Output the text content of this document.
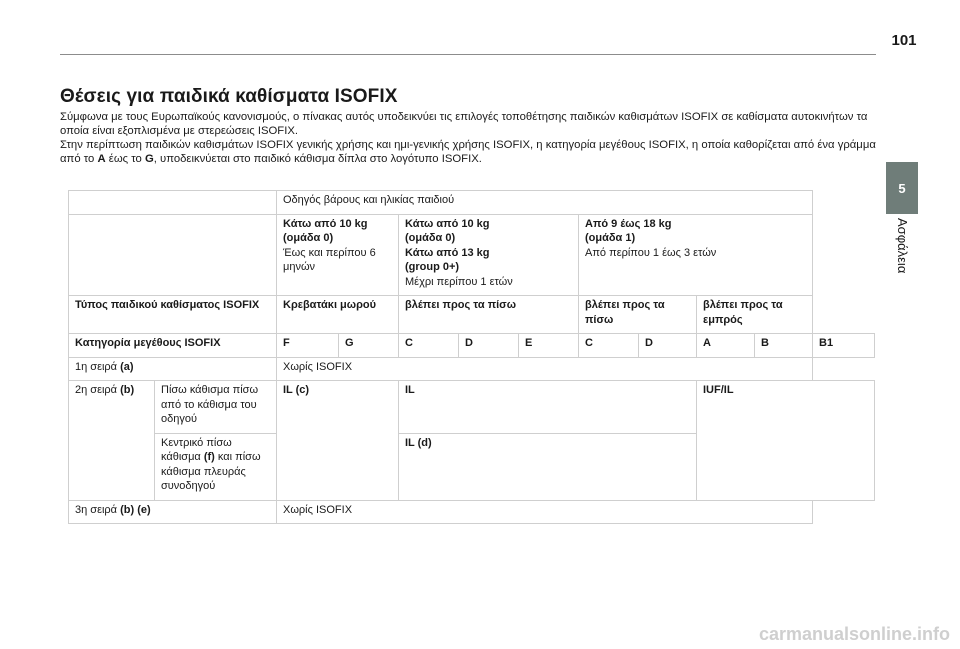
101
5
Ασφάλεια
Θέσεις για παιδικά καθίσματα ISOFIX

Σύμφωνα με τους Ευρωπαϊκούς κανονισμούς, ο πίνακας αυτός υποδεικνύει τις επιλογές τοποθέτησης παιδικών καθισμάτων ISOFIX σε καθίσματα αυτοκινήτων τα οποία είναι εξοπλισμένα με στερεώσεις ISOFIX.

Στην περίπτωση παιδικών καθισμάτων ISOFIX γενικής χρήσης και ημι-γενικής χρήσης ISOFIX, η κατηγορία μεγέθους ISOFIX, η οποία καθορίζεται από ένα γράμμα από το A έως το G, υποδεικνύεται στο παιδικό κάθισμα δίπλα στο λογότυπο ISOFIX.

		Οδηγός βάρους και ηλικίας παιδιού									

		Κάτω από 10 kg
(ομάδα 0)
Έως και περίπου 6 μηνών		Κάτω από 10 kg
(ομάδα 0)
Κάτω από 13 kg
(group 0+)
Μέχρι περίπου 1 ετών			Από 9 έως 18 kg
(ομάδα 1)
Από περίπου 1 έως 3 ετών				

Τύπος παιδικού καθίσματος ISOFIX		Κρεβατάκι μωρού		βλέπει προς τα πίσω			βλέπει προς τα πίσω		βλέπει προς τα εμπρός		
Κατηγορία μεγέθους ISOFIX		F	G	C	D	E	C	D	A	B	B1
1η σειρά (a)		Χωρίς ISOFIX									
2η σειρά (b)	Πίσω κάθισμα πίσω από το κάθισμα του οδηγού	IL (c)		IL					IUF/IL		
	Κεντρικό πίσω κάθισμα (f) και πίσω κάθισμα πλευράς συνοδηγού			IL (d)							
3η σειρά (b) (e)		Χωρίς ISOFIX									
carmanualsonline.info
